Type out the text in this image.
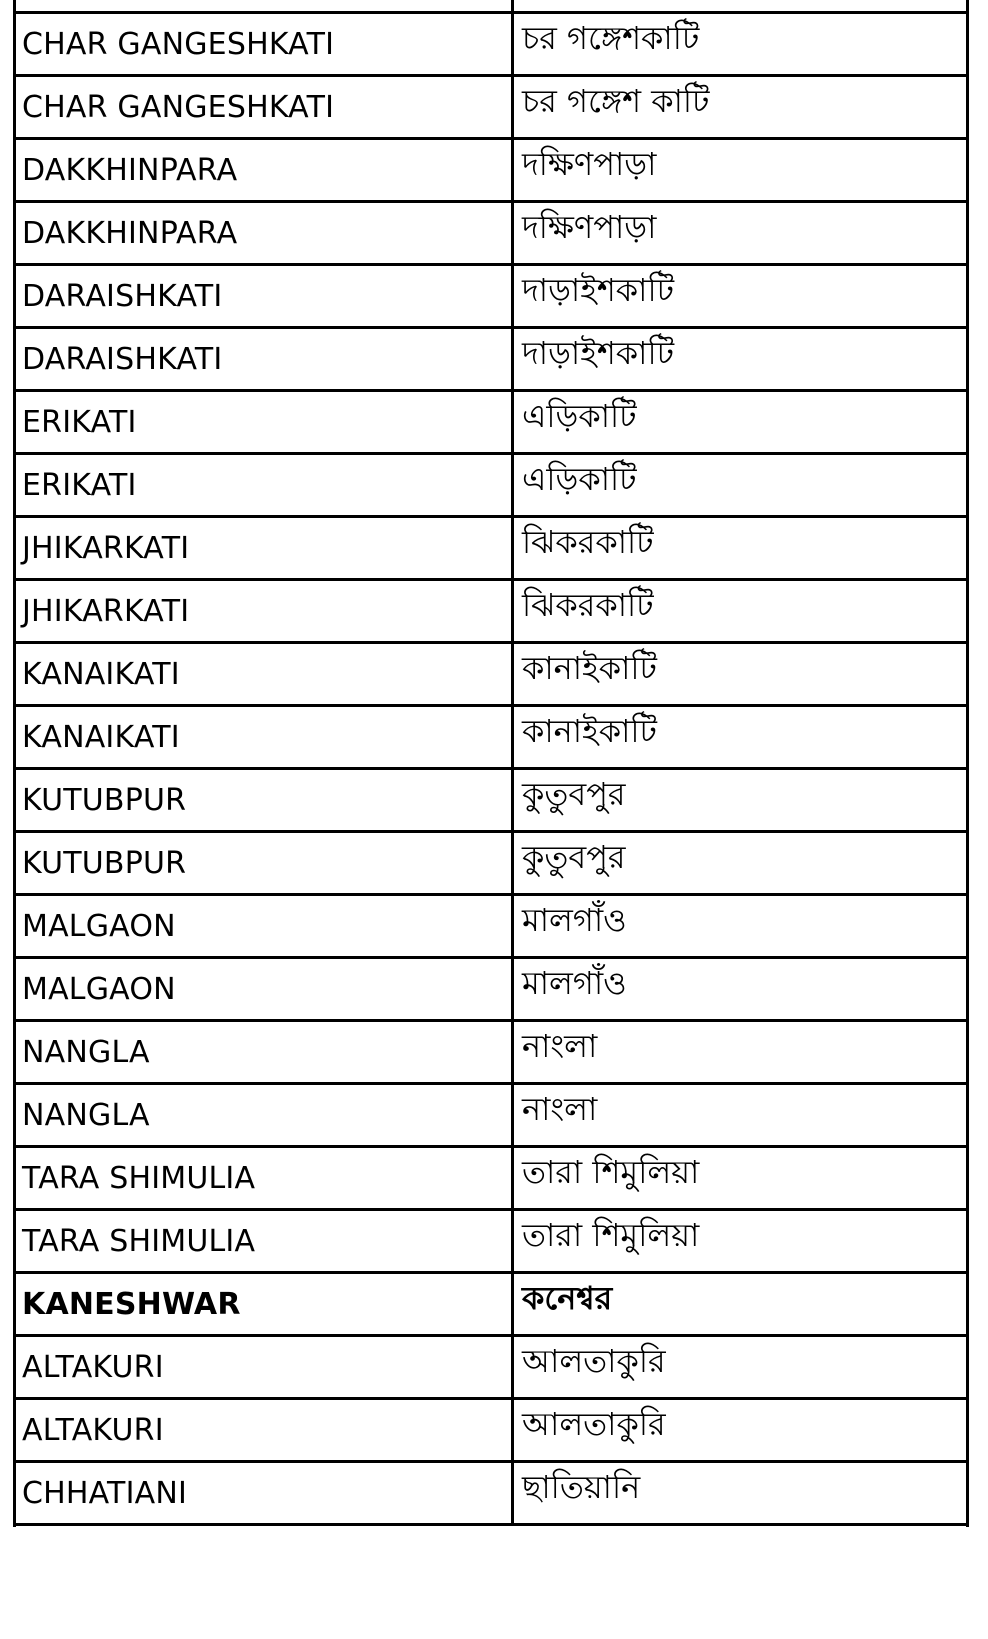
CHAR GANGESHKATI	চর গঙ্গেশকাটি
CHAR GANGESHKATI	চর গঙ্গেশ কাটি
DAKKHINPARA	দক্ষিণপাড়া
DAKKHINPARA	দক্ষিণপাড়া
DARAISHKATI	দাড়াইশকাটি
DARAISHKATI	দাড়াইশকাটি
ERIKATI	এড়িকাটি
ERIKATI	এড়িকাটি
JHIKARKATI	ঝিকরকাটি
JHIKARKATI	ঝিকরকাটি
KANAIKATI	কানাইকাটি
KANAIKATI	কানাইকাটি
KUTUBPUR	কুতুবপুর
KUTUBPUR	কুতুবপুর
MALGAON	মালগাঁও
MALGAON	মালগাঁও
NANGLA	নাংলা
NANGLA	নাংলা
TARA SHIMULIA	তারা শিমুলিয়া
TARA SHIMULIA	তারা শিমুলিয়া
KANESHWAR	কনেশ্বর
ALTAKURI	আলতাকুরি
ALTAKURI	আলতাকুরি
CHHATIANI	ছাতিয়ানি
